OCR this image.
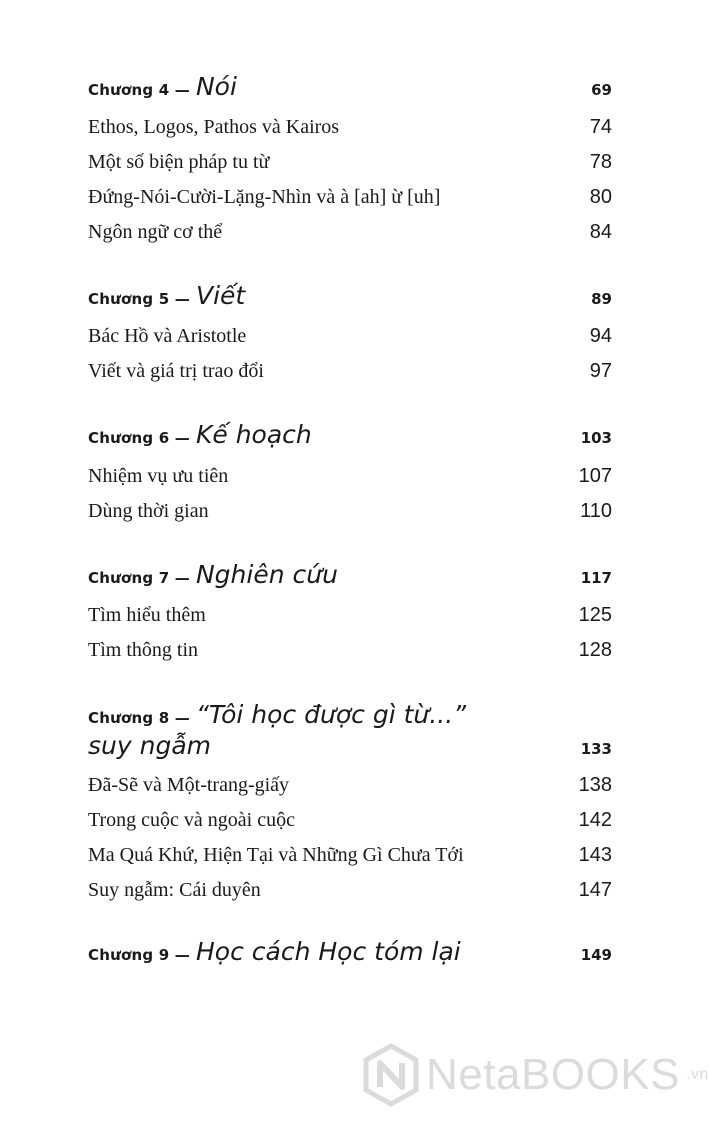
Chương 4 — Nói	69
Ethos, Logos, Pathos và Kairos	74
Một số biện pháp tu từ	78
Đứng-Nói-Cười-Lặng-Nhìn và à [ah] ừ [uh]	80
Ngôn ngữ cơ thể	84
Chương 5 — Viết	89
Bác Hồ và Aristotle	94
Viết và giá trị trao đổi	97
Chương 6 — Kế hoạch	103
Nhiệm vụ ưu tiên	107
Dùng thời gian	110
Chương 7 — Nghiên cứu	117
Tìm hiểu thêm	125
Tìm thông tin	128
Chương 8 — “Tôi học được gì từ...”
suy ngẫm	133
Đã-Sẽ và Một-trang-giấy	138
Trong cuộc và ngoài cuộc	142
Ma Quá Khứ, Hiện Tại và Những Gì Chưa Tới	143
Suy ngẫm: Cái duyên	147
Chương 9 — Học cách Học tóm lại	149
NetaBOOKS .vn
